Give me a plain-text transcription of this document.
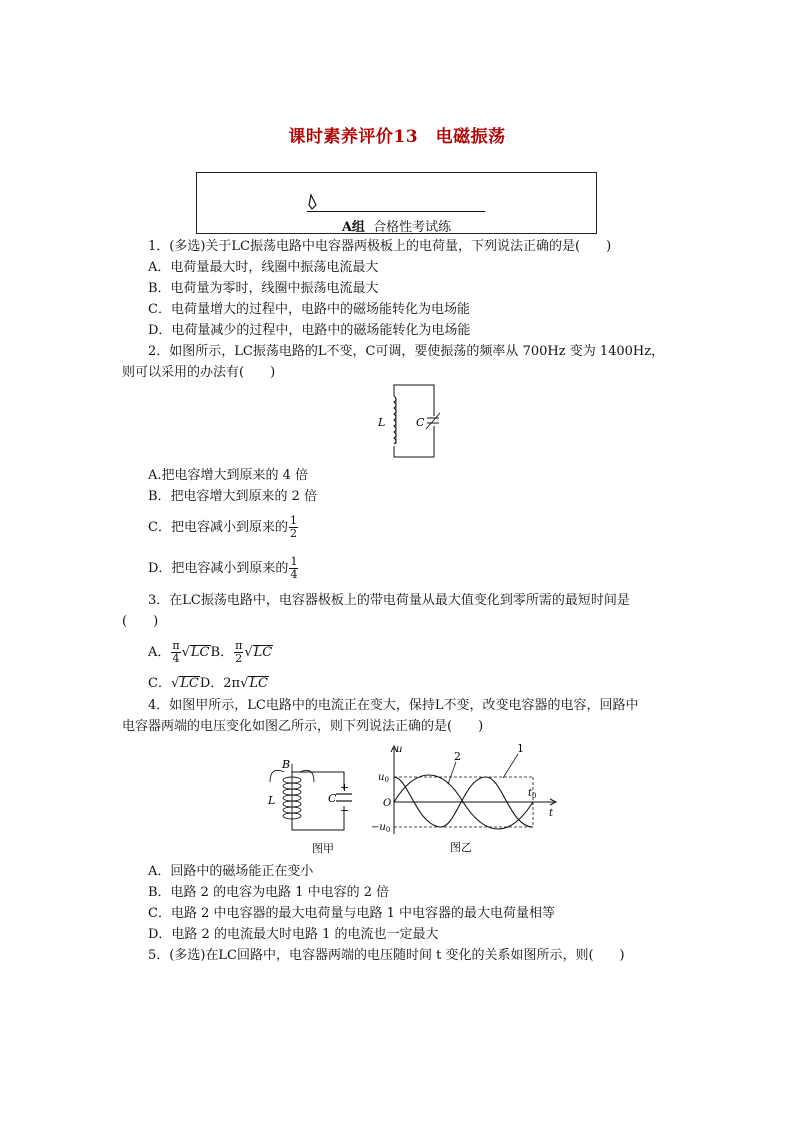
课时素养评价13　电磁振荡
A组 合格性考试练
1．(多选)关于LC振荡电路中电容器两极板上的电荷量，下列说法正确的是(　　)
A．电荷量最大时，线圈中振荡电流最大
B．电荷量为零时，线圈中振荡电流最大
C．电荷量增大的过程中，电路中的磁场能转化为电场能
D．电荷量减少的过程中，电路中的磁场能转化为电场能
2．如图所示，LC振荡电路的L不变，C可调，要使振荡的频率从 700Hz 变为 1400Hz，
则可以采用的办法有(　　)
L	C
A.把电容增大到原来的 4 倍
B．把电容增大到原来的 2 倍
C．把电容减小到原来的 $\frac{1}{2}$
D．把电容减小到原来的 $\frac{1}{4}$
3．在LC振荡电路中，电容器极板上的带电荷量从最大值变化到零所需的最短时间是
(　　)
A． $\frac{\pi}{4} √LCB$． $\frac{\pi}{2} √LC$
C．√LCD．2π√LC
4．如图甲所示，LC电路中的电流正在变大，保持L不变，改变电容器的电容，回路中
电容器两端的电压变化如图乙所示，则下列说法正确的是(　　)
+
−
B
L	C
图甲
2
1
u
t
O
$u_0$
$-u_0$
$t_0$
图乙
A．回路中的磁场能正在变小
B．电路 2 的电容为电路 1 中电容的 2 倍
C．电路 2 中电容器的最大电荷量与电路 1 中电容器的最大电荷量相等
D．电路 2 的电流最大时电路 1 的电流也一定最大
5．(多选)在LC回路中，电容器两端的电压随时间 t 变化的关系如图所示，则(　　)
